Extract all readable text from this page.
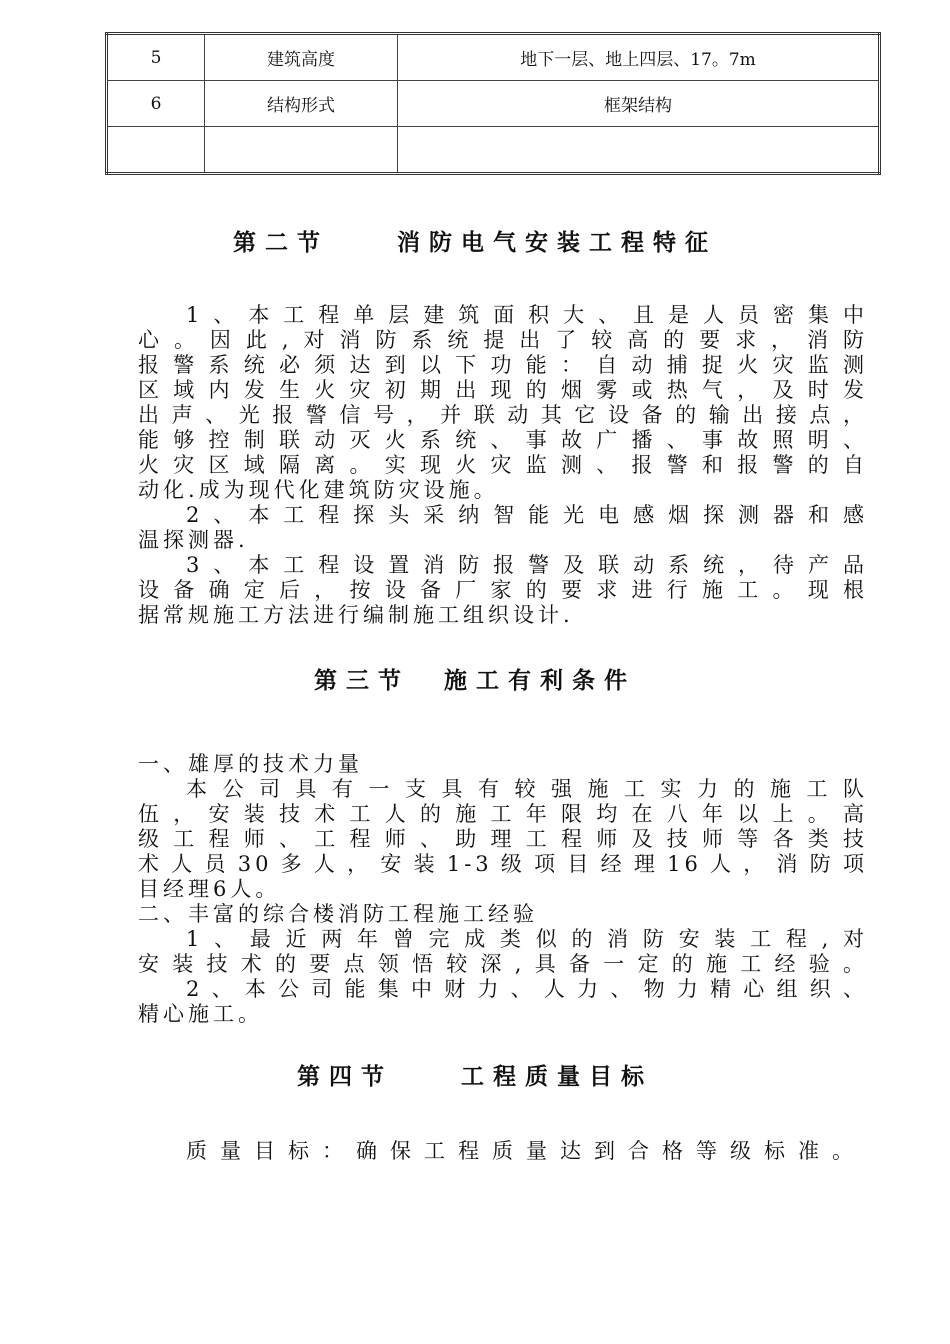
5	建筑高度	地下一层、地上四层、17。7m
6	结构形式	框架结构

第二节    消防电气安装工程特征
1、本工程单层建筑面积大、且是人员密集中
心。因此,对消防系统提出了较高的要求，消防
报警系统必须达到以下功能：自动捕捉火灾监测
区域内发生火灾初期出现的烟雾或热气，及时发
出声、光报警信号，并联动其它设备的输出接点，
能够控制联动灭火系统、事故广播、事故照明、
火灾区域隔离。实现火灾监测、报警和报警的自
动化.成为现代化建筑防灾设施。
2、本工程探头采纳智能光电感烟探测器和感
温探测器.
3、本工程设置消防报警及联动系统，待产品
设备确定后，按设备厂家的要求进行施工。现根
据常规施工方法进行编制施工组织设计.
第三节  施工有利条件
一、雄厚的技术力量
本公司具有一支具有较强施工实力的施工队
伍，安装技术工人的施工年限均在八年以上。高
级工程师、工程师、助理工程师及技师等各类技
术人员30多人，安装1-3级项目经理16人，消防项
目经理6人。
二、丰富的综合楼消防工程施工经验
1、最近两年曾完成类似的消防安装工程,对
安装技术的要点领悟较深,具备一定的施工经验。
2、本公司能集中财力、人力、物力精心组织、
精心施工。
第四节    工程质量目标
质量目标：确保工程质量达到合格等级标准。
